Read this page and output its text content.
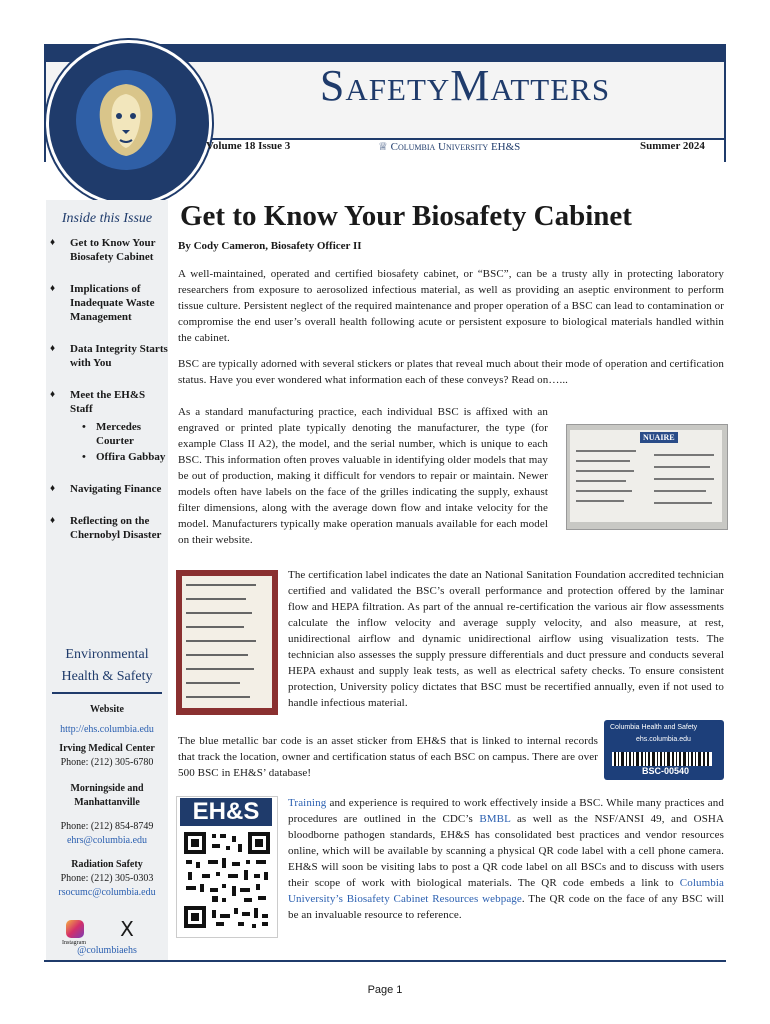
SafetyMatters
Volume 18 Issue 3	♕ Columbia University EH&S	Summer 2024
Inside this Issue
♦ Get to Know Your Biosafety Cabinet
♦ Implications of Inadequate Waste Management
♦ Data Integrity Starts with You
♦ Meet the EH&S Staff
• Mercedes Courter
• Offira Gabbay
♦ Navigating Finance
♦ Reflecting on the Chernobyl Disaster
Environmental
Health & Safety
Website
http://ehs.columbia.edu
Irving Medical Center
Phone: (212) 305-6780
Morningside and
Manhattanville
Phone: (212) 854-8749
ehrs@columbia.edu
Radiation Safety
Phone: (212) 305-0303
rsocumc@columbia.edu
Instagram
X
@columbiaehs
Get to Know Your Biosafety Cabinet
By Cody Cameron, Biosafety Officer II
A well-maintained, operated and certified biosafety cabinet, or “BSC”, can be a trusty ally in protecting laboratory researchers from exposure to aerosolized infectious material, as well as providing an aseptic environment to perform tissue culture. Persistent neglect of the required maintenance and proper operation of a BSC can lead to contamination or compromise the end user’s overall health following acute or persistent exposure to biological materials handled within the cabinet.
BSC are typically adorned with several stickers or plates that reveal much about their mode of operation and certification status. Have you ever wondered what information each of these conveys? Read on…...
As a standard manufacturing practice, each individual BSC is affixed with an engraved or printed plate typically denoting the manufacturer, the type (for example Class II A2), the model, and the serial number, which is unique to each BSC. This information often proves valuable in identifying older models that may be out of production, making it difficult for vendors to repair or maintain. Newer models often have labels on the face of the grilles indicating the supply, exhaust filter dimensions, along with the average down flow and intake velocity for the model. Manufacturers typically make operation manuals available for each model on their website.
NUAIRE
The certification label indicates the date an National Sanitation Foundation accredited technician certified and validated the BSC’s overall performance and protection offered by the laminar flow and HEPA filtration. As part of the annual re-certification the various air flow assessments calculate the inflow velocity and average supply velocity, and also measure, at rest, unidirectional airflow and dynamic unidirectional airflow using visualization tests. The technician also assesses the supply pressure differentials and duct pressure and conducts several HEPA exhaust and supply leak tests, as well as electrical safety checks. To ensure consistent protection, University policy dictates that BSC must be recertified annually, even if not used to handle infectious material.
The blue metallic bar code is an asset sticker from EH&S that is linked to internal records that track the location, owner and certification status of each BSC on campus. There are over 500 BSC in EH&S’ database!
Columbia Health and Safety
ehs.columbia.edu
BSC-00540
EH&S	Training and experience is required to work effectively inside a BSC. While many practices and procedures are outlined in the CDC’s BMBL as well as the NSF/ANSI 49, and OSHA bloodborne pathogen standards, EH&S has consolidated best practices and vendor resources online, which will be available by scanning a physical QR code label with a cell phone camera. EH&S will soon be visiting labs to post a QR code label on all BSCs and to discuss with users their scope of work with biological materials. The QR code embeds a link to Columbia University’s Biosafety Cabinet Resources webpage. The QR code on the face of any BSC will be an invaluable resource to reference.
Page 1
